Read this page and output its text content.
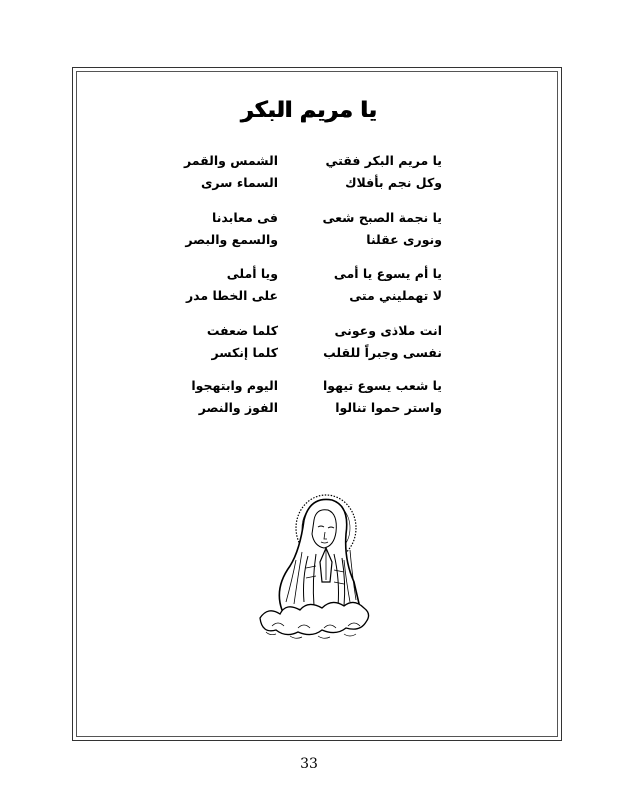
يا مريم البكر
يا مريم البكر فقتي
الشمس والقمر
وكل نجم بأفلاك
السماء سرى
يا نجمة الصبح شعى
فى معابدنا
ونورى عقلنا
والسمع والبصر
يا أم يسوع يا أمى
ويا أملى
لا تهمليني متى
على الخطا مدر
انت ملاذى وعونى
كلما ضعفت
نفسى وجبراً للقلب
كلما إنكسر
يا شعب يسوع تيهوا
اليوم وابتهجوا
واستر حموا تنالوا
الفوز والنصر
33
